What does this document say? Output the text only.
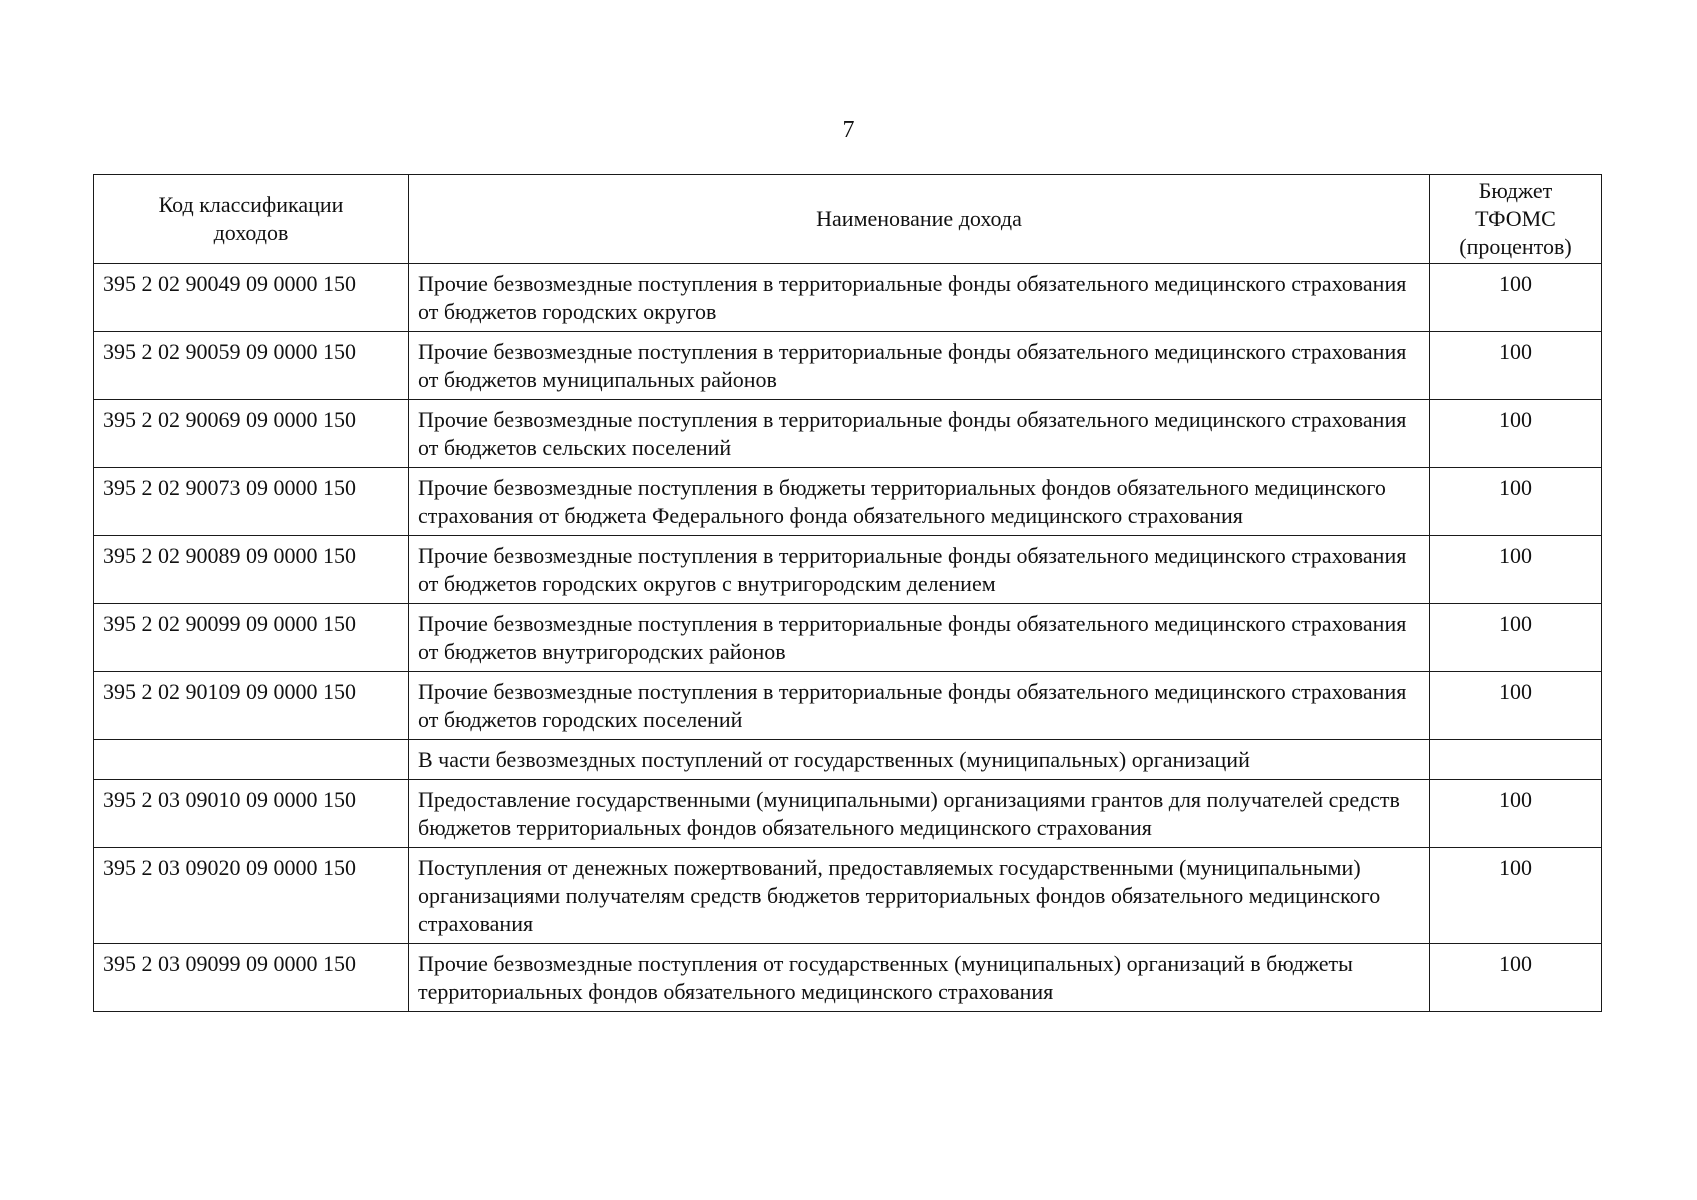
7
Код классификации доходов	Наименование дохода	Бюджет ТФОМС (процентов)
395 2 02 90049 09 0000 150	Прочие безвозмездные поступления в территориальные фонды обязательного медицинского страхования от бюджетов городских округов	100
395 2 02 90059 09 0000 150	Прочие безвозмездные поступления в территориальные фонды обязательного медицинского страхования от бюджетов муниципальных районов	100
395 2 02 90069 09 0000 150	Прочие безвозмездные поступления в территориальные фонды обязательного медицинского страхования от бюджетов сельских поселений	100
395 2 02 90073 09 0000 150	Прочие безвозмездные поступления в бюджеты территориальных фондов обязательного медицинского страхования от бюджета Федерального фонда обязательного медицинского страхования	100
395 2 02 90089 09 0000 150	Прочие безвозмездные поступления в территориальные фонды обязательного медицинского страхования от бюджетов городских округов с внутригородским делением	100
395 2 02 90099 09 0000 150	Прочие безвозмездные поступления в территориальные фонды обязательного медицинского страхования от бюджетов внутригородских районов	100
395 2 02 90109 09 0000 150	Прочие безвозмездные поступления в территориальные фонды обязательного медицинского страхования от бюджетов городских поселений	100
	В части безвозмездных поступлений от государственных (муниципальных) организаций	
395 2 03 09010 09 0000 150	Предоставление государственными (муниципальными) организациями грантов для получателей средств бюджетов территориальных фондов обязательного медицинского страхования	100
395 2 03 09020 09 0000 150	Поступления от денежных пожертвований, предоставляемых государственными (муниципальными) организациями получателям средств бюджетов территориальных фондов обязательного медицинского страхования	100
395 2 03 09099 09 0000 150	Прочие безвозмездные поступления от государственных (муниципальных) организаций в бюджеты территориальных фондов обязательного медицинского страхования	100
